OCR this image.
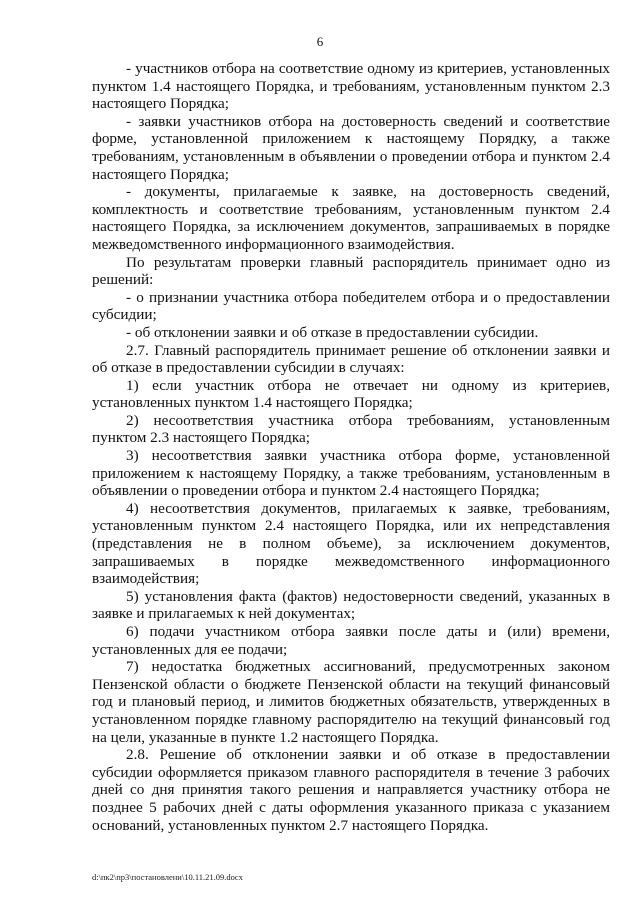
6

- участников отбора на соответствие одному из критериев, установленных пунктом 1.4 настоящего Порядка, и требованиям, установленным пунктом 2.3 настоящего Порядка;

- заявки участников отбора на достоверность сведений и соответствие форме, установленной приложением к настоящему Порядку, а также требованиям, установленным в объявлении о проведении отбора и пунктом 2.4 настоящего Порядка;

- документы, прилагаемые к заявке, на достоверность сведений, комплектность и соответствие требованиям, установленным пунктом 2.4 настоящего Порядка, за исключением документов, запрашиваемых в порядке межведомственного информационного взаимодействия.

По результатам проверки главный распорядитель принимает одно из решений:

- о признании участника отбора победителем отбора и о предоставлении субсидии;

- об отклонении заявки и об отказе в предоставлении субсидии.

2.7. Главный распорядитель принимает решение об отклонении заявки и об отказе в предоставлении субсидии в случаях:

1) если участник отбора не отвечает ни одному из критериев, установленных пунктом 1.4 настоящего Порядка;

2) несоответствия участника отбора требованиям, установленным пунктом 2.3 настоящего Порядка;

3) несоответствия заявки участника отбора форме, установленной приложением к настоящему Порядку, а также требованиям, установленным в объявлении о проведении отбора и пунктом 2.4 настоящего Порядка;

4) несоответствия документов, прилагаемых к заявке, требованиям, установленным пунктом 2.4 настоящего Порядка, или их непредставления (представления не в полном объеме), за исключением документов, запрашиваемых в порядке межведомственного информационного взаимодействия;

5) установления факта (фактов) недостоверности сведений, указанных в заявке и прилагаемых к ней документах;

6) подачи участником отбора заявки после даты и (или) времени, установленных для ее подачи;

7) недостатка бюджетных ассигнований, предусмотренных законом Пензенской области о бюджете Пензенской области на текущий финансовый год и плановый период, и лимитов бюджетных обязательств, утвержденных в установленном порядке главному распорядителю на текущий финансовый год на цели, указанные в пункте 1.2 настоящего Порядка.

2.8. Решение об отклонении заявки и об отказе в предоставлении субсидии оформляется приказом главного распорядителя в течение 3 рабочих дней со дня принятия такого решения и направляется участнику отбора не позднее 5 рабочих дней с даты оформления указанного приказа с указанием оснований, установленных пунктом 2.7 настоящего Порядка.

d:\пк2\пр3\постановлени\10.11.21.09.docx
